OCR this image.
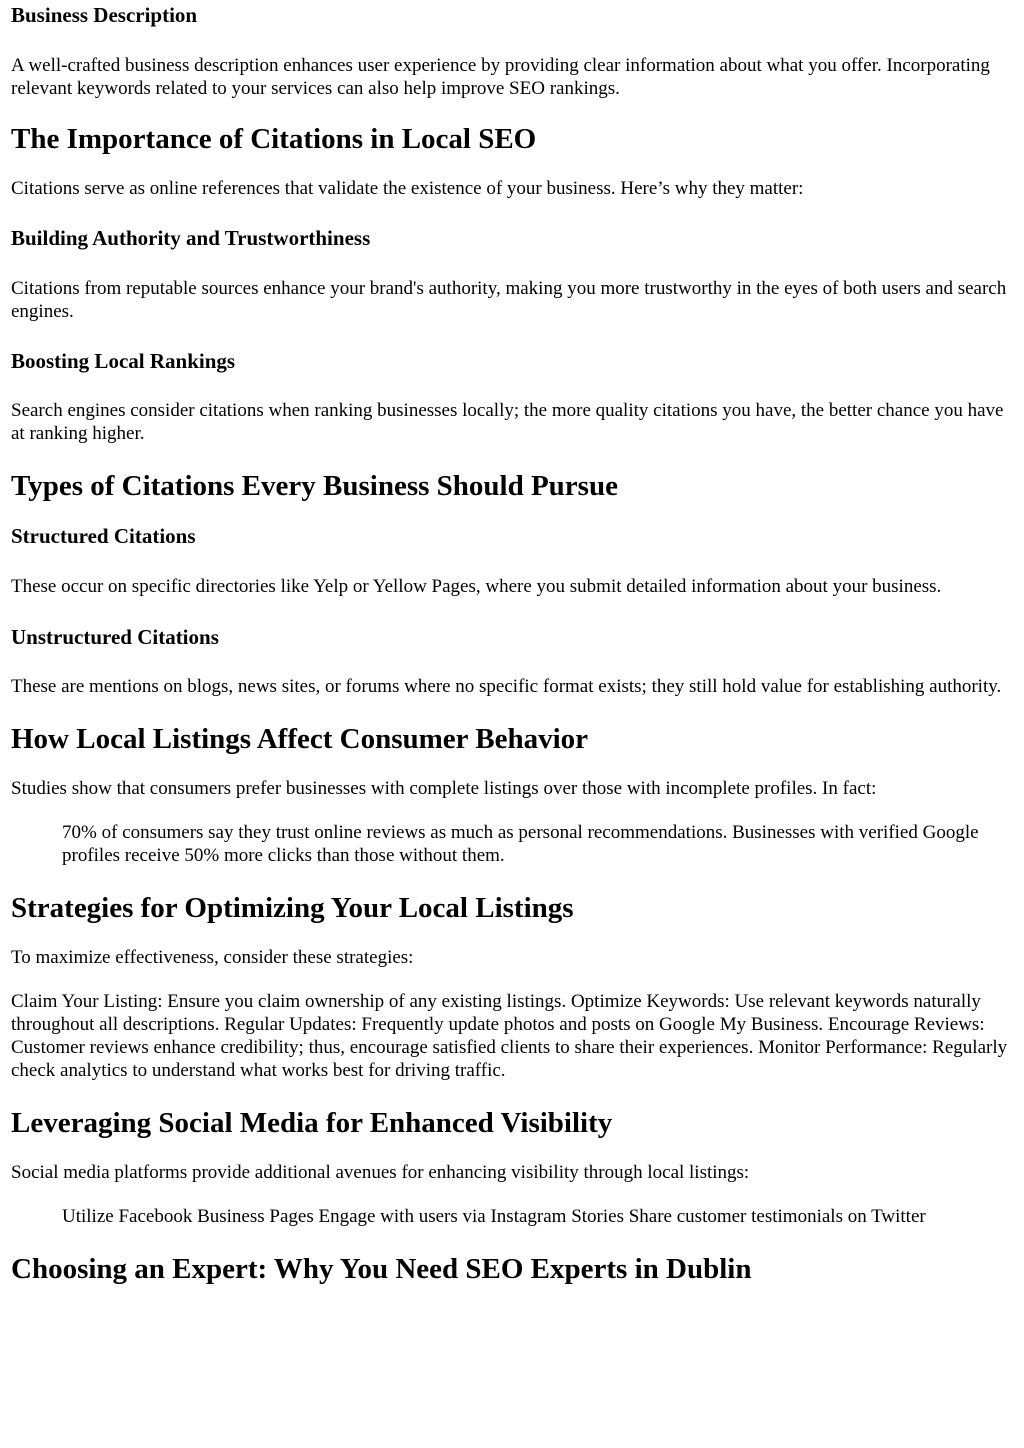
Business Description

A well-crafted business description enhances user experience by providing clear information about what you offer. Incorporating relevant keywords related to your services can also help improve SEO rankings.

The Importance of Citations in Local SEO

Citations serve as online references that validate the existence of your business. Here’s why they matter:

Building Authority and Trustworthiness

Citations from reputable sources enhance your brand's authority, making you more trustworthy in the eyes of both users and search engines.

Boosting Local Rankings

Search engines consider citations when ranking businesses locally; the more quality citations you have, the better chance you have at ranking higher.

Types of Citations Every Business Should Pursue
Structured Citations

These occur on specific directories like Yelp or Yellow Pages, where you submit detailed information about your business.

Unstructured Citations

These are mentions on blogs, news sites, or forums where no specific format exists; they still hold value for establishing authority.

How Local Listings Affect Consumer Behavior

Studies show that consumers prefer businesses with complete listings over those with incomplete profiles. In fact:

70% of consumers say they trust online reviews as much as personal recommendations. Businesses with verified Google profiles receive 50% more clicks than those without them.
Strategies for Optimizing Your Local Listings

To maximize effectiveness, consider these strategies:

Claim Your Listing: Ensure you claim ownership of any existing listings. Optimize Keywords: Use relevant keywords naturally throughout all descriptions. Regular Updates: Frequently update photos and posts on Google My Business. Encourage Reviews: Customer reviews enhance credibility; thus, encourage satisfied clients to share their experiences. Monitor Performance: Regularly check analytics to understand what works best for driving traffic.

Leveraging Social Media for Enhanced Visibility

Social media platforms provide additional avenues for enhancing visibility through local listings:

Utilize Facebook Business Pages Engage with users via Instagram Stories Share customer testimonials on Twitter
Choosing an Expert: Why You Need SEO Experts in Dublin
